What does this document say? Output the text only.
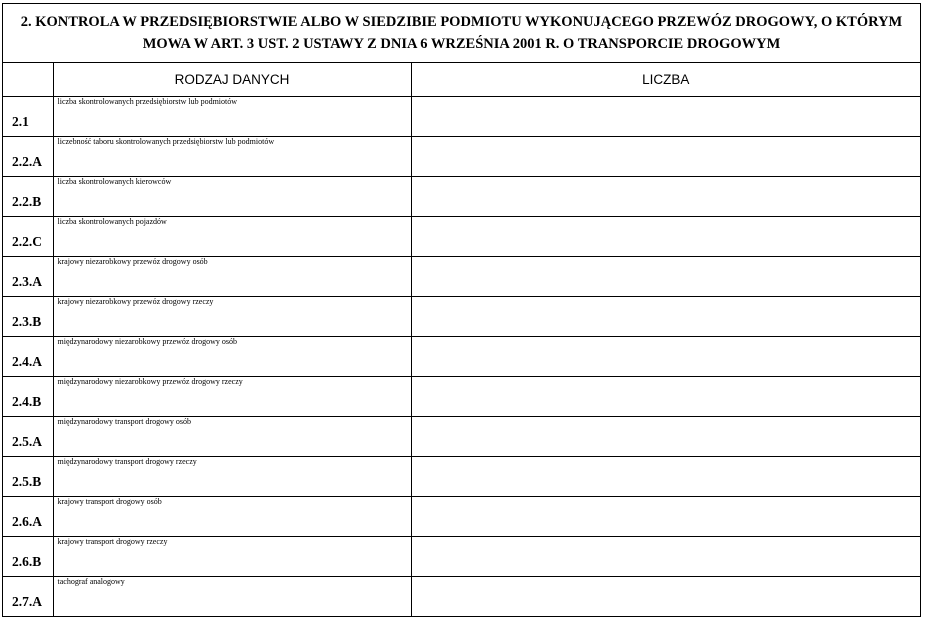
2. KONTROLA W PRZEDSIĘBIORSTWIE ALBO W SIEDZIBIE PODMIOTU WYKONUJĄCEGO PRZEWÓZ DROGOWY, O KTÓRYM
MOWA W ART. 3 UST. 2 USTAWY Z DNIA 6 WRZEŚNIA 2001 R. O TRANSPORCIE DROGOWYM
	RODZAJ DANYCH	LICZBA
2.1	liczba skontrolowanych przedsiębiorstw lub podmiotów	
2.2.A	liczebność taboru skontrolowanych przedsiębiorstw lub podmiotów	
2.2.B	liczba skontrolowanych kierowców	
2.2.C	liczba skontrolowanych pojazdów	
2.3.A	krajowy niezarobkowy przewóz drogowy osób	
2.3.B	krajowy niezarobkowy przewóz drogowy rzeczy	
2.4.A	międzynarodowy niezarobkowy przewóz drogowy osób	
2.4.B	międzynarodowy niezarobkowy przewóz drogowy rzeczy	
2.5.A	międzynarodowy transport drogowy osób	
2.5.B	międzynarodowy transport drogowy rzeczy	
2.6.A	krajowy transport drogowy osób	
2.6.B	krajowy transport drogowy rzeczy	
2.7.A	tachograf analogowy	
